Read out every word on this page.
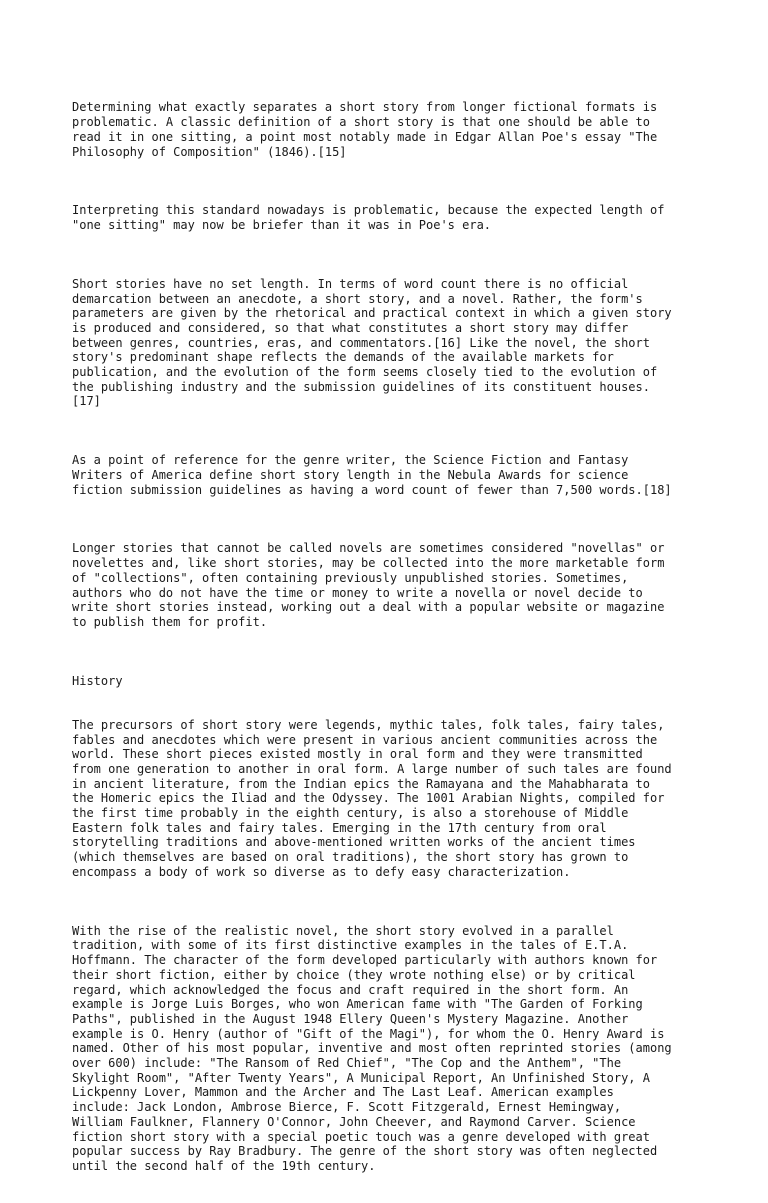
Determining what exactly separates a short story from longer fictional formats is
problematic. A classic definition of a short story is that one should be able to
read it in one sitting, a point most notably made in Edgar Allan Poe's essay "The
Philosophy of Composition" (1846).[15]

Interpreting this standard nowadays is problematic, because the expected length of
"one sitting" may now be briefer than it was in Poe's era.

Short stories have no set length. In terms of word count there is no official
demarcation between an anecdote, a short story, and a novel. Rather, the form's
parameters are given by the rhetorical and practical context in which a given story
is produced and considered, so that what constitutes a short story may differ
between genres, countries, eras, and commentators.[16] Like the novel, the short
story's predominant shape reflects the demands of the available markets for
publication, and the evolution of the form seems closely tied to the evolution of
the publishing industry and the submission guidelines of its constituent houses.
[17]

As a point of reference for the genre writer, the Science Fiction and Fantasy
Writers of America define short story length in the Nebula Awards for science
fiction submission guidelines as having a word count of fewer than 7,500 words.[18]

Longer stories that cannot be called novels are sometimes considered "novellas" or
novelettes and, like short stories, may be collected into the more marketable form
of "collections", often containing previously unpublished stories. Sometimes,
authors who do not have the time or money to write a novella or novel decide to
write short stories instead, working out a deal with a popular website or magazine
to publish them for profit.

History

The precursors of short story were legends, mythic tales, folk tales, fairy tales,
fables and anecdotes which were present in various ancient communities across the
world. These short pieces existed mostly in oral form and they were transmitted
from one generation to another in oral form. A large number of such tales are found
in ancient literature, from the Indian epics the Ramayana and the Mahabharata to
the Homeric epics the Iliad and the Odyssey. The 1001 Arabian Nights, compiled for
the first time probably in the eighth century, is also a storehouse of Middle
Eastern folk tales and fairy tales. Emerging in the 17th century from oral
storytelling traditions and above-mentioned written works of the ancient times
(which themselves are based on oral traditions), the short story has grown to
encompass a body of work so diverse as to defy easy characterization.

With the rise of the realistic novel, the short story evolved in a parallel
tradition, with some of its first distinctive examples in the tales of E.T.A.
Hoffmann. The character of the form developed particularly with authors known for
their short fiction, either by choice (they wrote nothing else) or by critical
regard, which acknowledged the focus and craft required in the short form. An
example is Jorge Luis Borges, who won American fame with "The Garden of Forking
Paths", published in the August 1948 Ellery Queen's Mystery Magazine. Another
example is O. Henry (author of "Gift of the Magi"), for whom the O. Henry Award is
named. Other of his most popular, inventive and most often reprinted stories (among
over 600) include: "The Ransom of Red Chief", "The Cop and the Anthem", "The
Skylight Room", "After Twenty Years", A Municipal Report, An Unfinished Story, A
Lickpenny Lover, Mammon and the Archer and The Last Leaf. American examples
include: Jack London, Ambrose Bierce, F. Scott Fitzgerald, Ernest Hemingway,
William Faulkner, Flannery O'Connor, John Cheever, and Raymond Carver. Science
fiction short story with a special poetic touch was a genre developed with great
popular success by Ray Bradbury. The genre of the short story was often neglected
until the second half of the 19th century.
